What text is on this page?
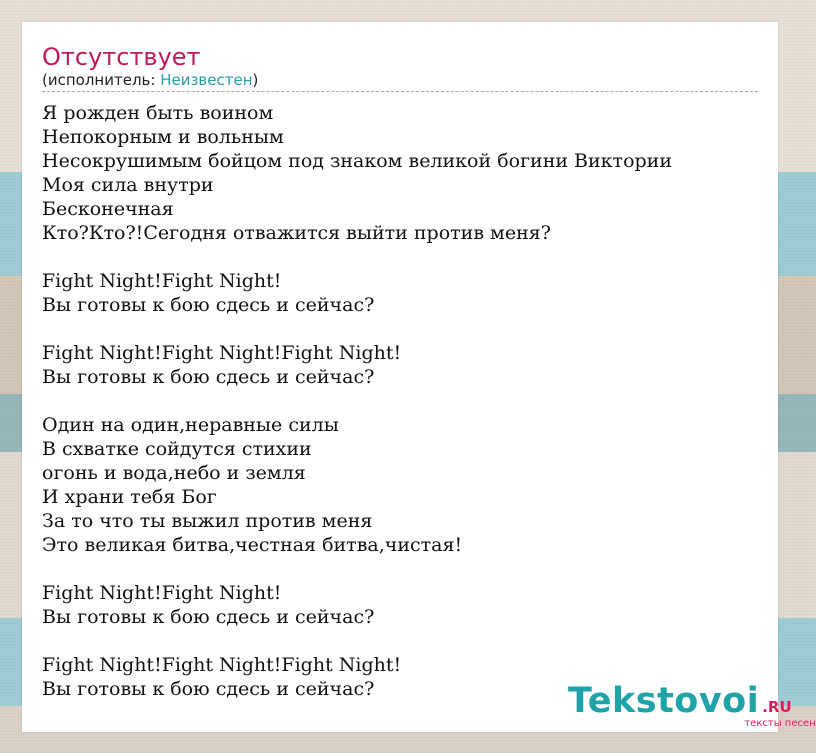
Отсутствует
(исполнитель: Неизвестен)
Я рожден быть воином
Непокорным и вольным
Несокрушимым бойцом под знаком великой богини Виктории
Моя сила внутри
Бесконечная
Кто?Кто?!Сегодня отважится выйти против меня?
Fight Night!Fight Night!
Вы готовы к бою сдесь и сейчас?
Fight Night!Fight Night!Fight Night!
Вы готовы к бою сдесь и сейчас?
Один на один,неравные силы
В схватке сойдутся стихии
огонь и вода,небо и земля
И храни тебя Бог
За то что ты выжил против меня
Это великая битва,честная битва,чистая!
Fight Night!Fight Night!
Вы готовы к бою сдесь и сейчас?
Fight Night!Fight Night!Fight Night!
Вы готовы к бою сдесь и сейчас?	Tekstovoi .RU
тексты песен
